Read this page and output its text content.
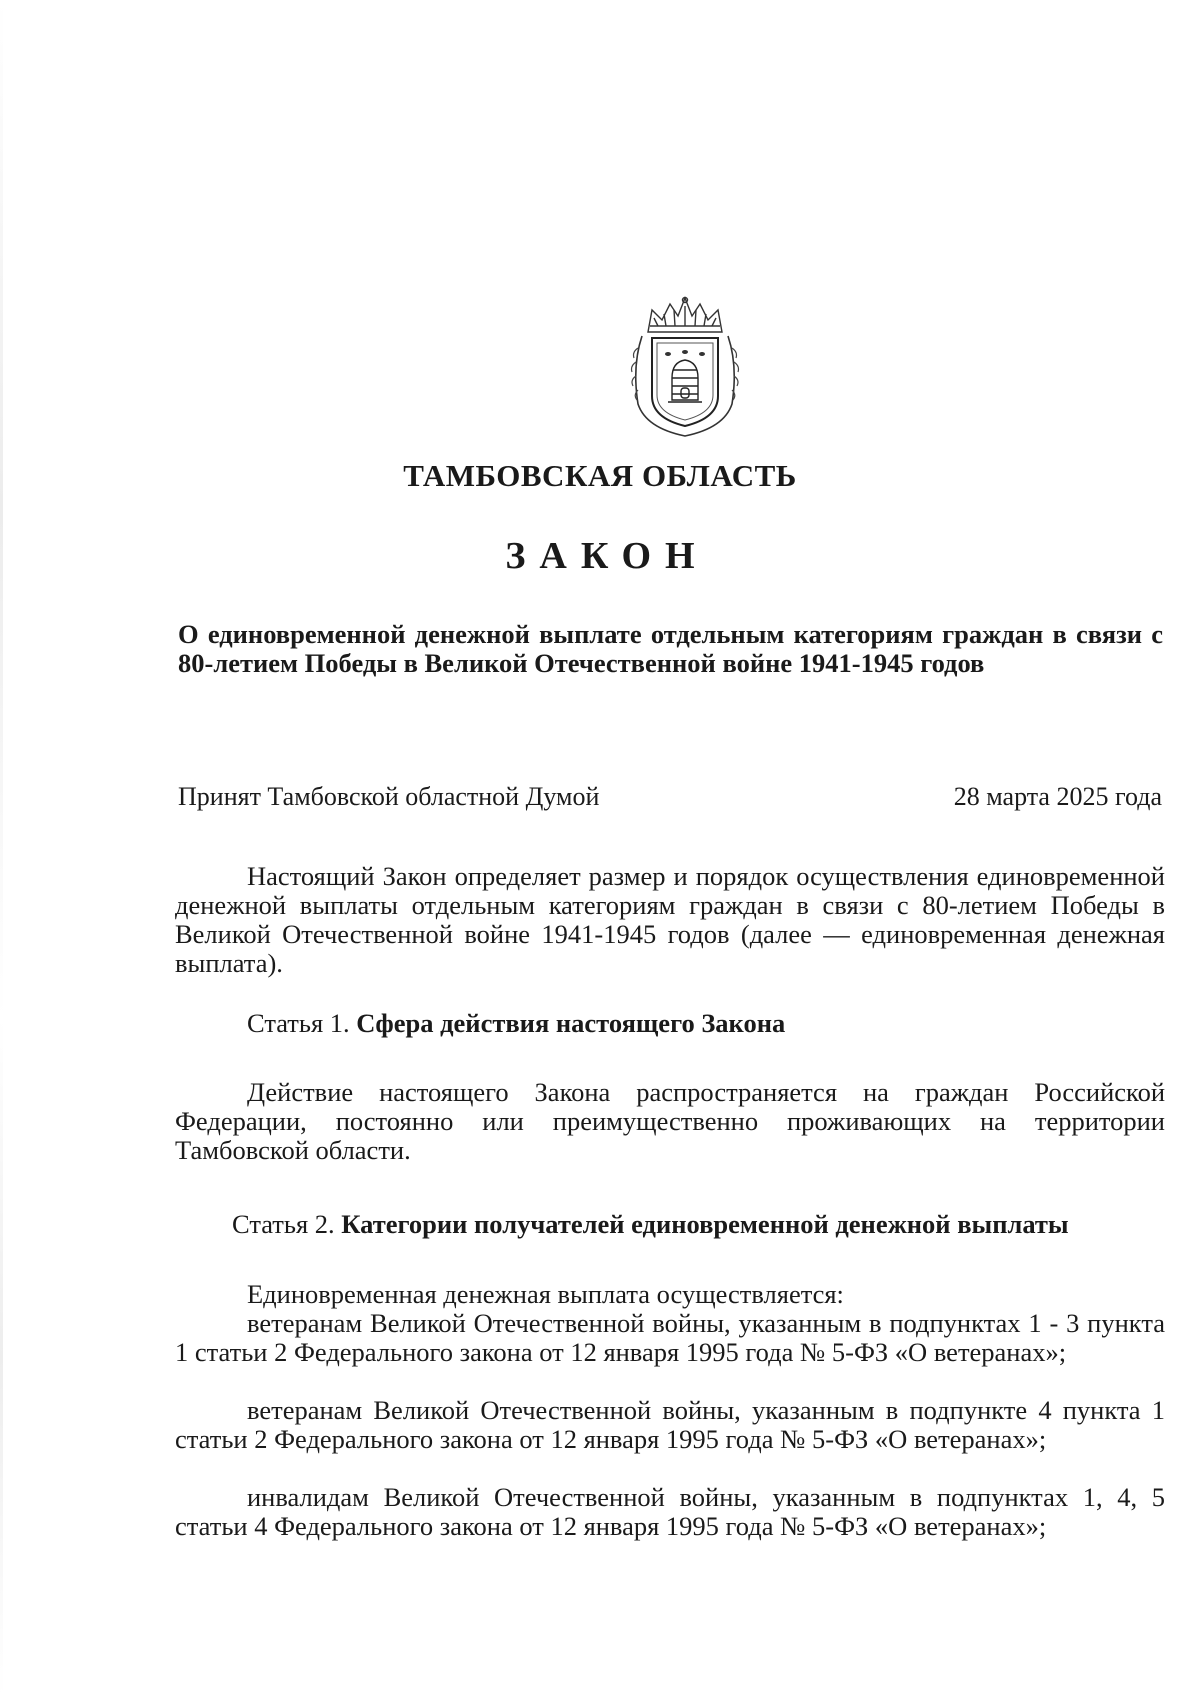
ТАМБОВСКАЯ ОБЛАСТЬ
ЗАКОН

О единовременной денежной выплате отдельным категориям граждан в связи с 80-летием Победы в Великой Отечественной войне 1941-1945 годов

Принят Тамбовской областной Думой	28 марта 2025 года

Настоящий Закон определяет размер и порядок осуществления единовременной денежной выплаты отдельным категориям граждан в связи с 80-летием Победы в Великой Отечественной войне 1941-1945 годов (далее — единовременная денежная выплата).

Статья 1. Сфера действия настоящего Закона

Действие настоящего Закона распространяется на граждан Российской Федерации, постоянно или преимущественно проживающих на территории Тамбовской области.

Статья 2. Категории получателей единовременной денежной выплаты

Единовременная денежная выплата осуществляется:

ветеранам Великой Отечественной войны, указанным в подпунктах 1 - 3 пункта 1 статьи 2 Федерального закона от 12 января 1995 года № 5-ФЗ «О ветеранах»;

ветеранам Великой Отечественной войны, указанным в подпункте 4 пункта 1 статьи 2 Федерального закона от 12 января 1995 года № 5-ФЗ «О ветеранах»;

инвалидам Великой Отечественной войны, указанным в подпунктах 1, 4, 5 статьи 4 Федерального закона от 12 января 1995 года № 5-ФЗ «О ветеранах»;
